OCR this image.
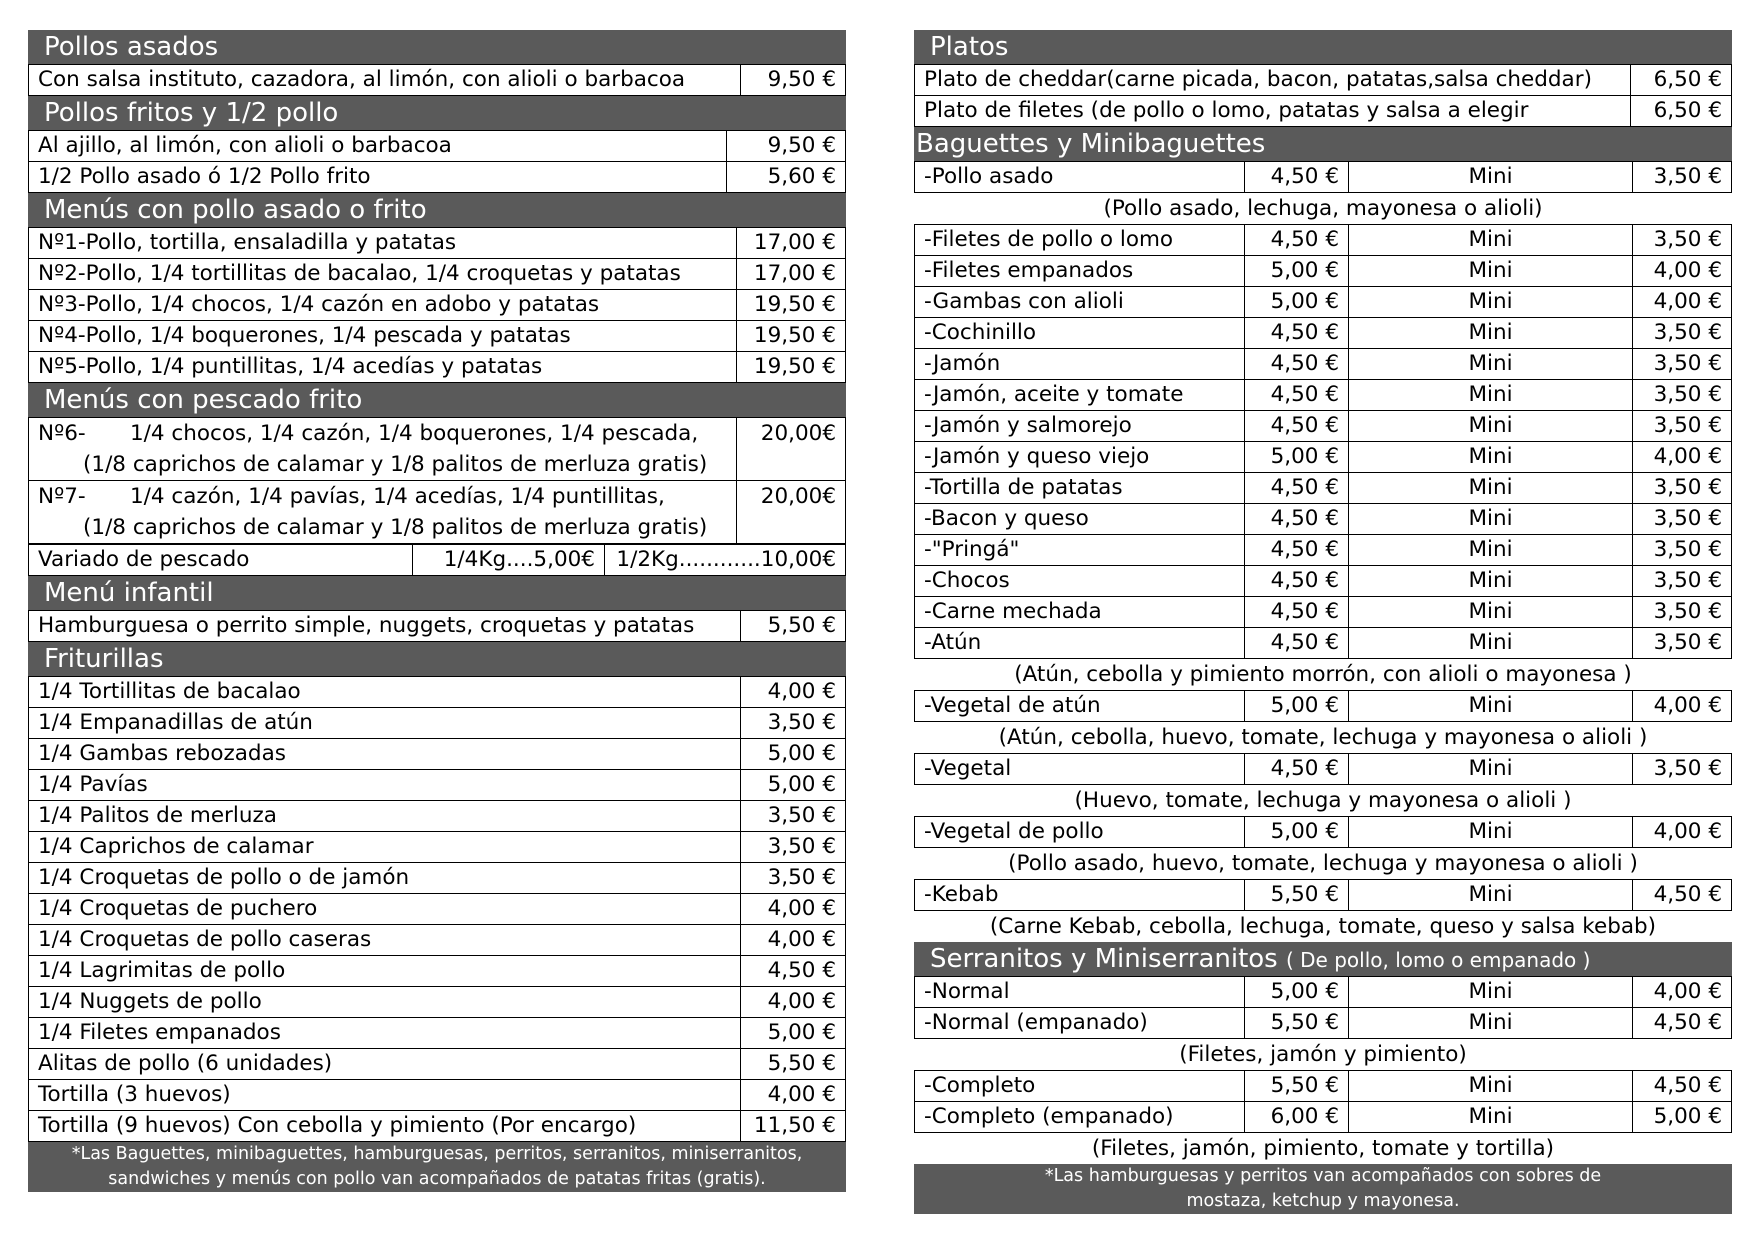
Pollos asados
Con salsa instituto, cazadora, al limón, con alioli o barbacoa	9,50 €
Pollos fritos y 1/2 pollo
Al ajillo, al limón, con alioli o barbacoa	9,50 €
1/2 Pollo asado ó 1/2 Pollo frito	5,60 €
Menús con pollo asado o frito
Nº1-Pollo, tortilla, ensaladilla y patatas	17,00 €
Nº2-Pollo, 1/4 tortillitas de bacalao, 1/4 croquetas y patatas	17,00 €
Nº3-Pollo, 1/4 chocos, 1/4 cazón en adobo y patatas	19,50 €
Nº4-Pollo, 1/4 boquerones, 1/4 pescada y patatas	19,50 €
Nº5-Pollo, 1/4 puntillitas, 1/4 acedías y patatas	19,50 €
Menús con pescado frito
Nº6- 1/4 chocos, 1/4 cazón, 1/4 boquerones, 1/4 pescada,
(1/8 caprichos de calamar y 1/8 palitos de merluza gratis)	20,00€
Nº7- 1/4 cazón, 1/4 pavías, 1/4 acedías, 1/4 puntillitas,
(1/8 caprichos de calamar y 1/8 palitos de merluza gratis)	20,00€
Variado de pescado	1/4Kg....5,00€	1/2Kg............10,00€
Menú infantil
Hamburguesa o perrito simple, nuggets, croquetas y patatas	5,50 €
Friturillas
1/4 Tortillitas de bacalao	4,00 €
1/4 Empanadillas de atún	3,50 €
1/4 Gambas rebozadas	5,00 €
1/4 Pavías	5,00 €
1/4 Palitos de merluza	3,50 €
1/4 Caprichos de calamar	3,50 €
1/4 Croquetas de pollo o de jamón	3,50 €
1/4 Croquetas de puchero	4,00 €
1/4 Croquetas de pollo caseras	4,00 €
1/4 Lagrimitas de pollo	4,50 €
1/4 Nuggets de pollo	4,00 €
1/4 Filetes empanados	5,00 €
Alitas de pollo (6 unidades)	5,50 €
Tortilla (3 huevos)	4,00 €
Tortilla (9 huevos) Con cebolla y pimiento (Por encargo)	11,50 €
*Las Baguettes, minibaguettes, hamburguesas, perritos, serranitos, miniserranitos,
sandwiches y menús con pollo van acompañados de patatas fritas (gratis).
Platos
Plato de cheddar(carne picada, bacon, patatas,salsa cheddar)	6,50 €
Plato de filetes (de pollo o lomo, patatas y salsa a elegir	6,50 €
Baguettes y Minibaguettes
-Pollo asado	4,50 €	Mini	3,50 €
(Pollo asado, lechuga, mayonesa o alioli)
-Filetes de pollo o lomo	4,50 €	Mini	3,50 €
-Filetes empanados	5,00 €	Mini	4,00 €
-Gambas con alioli	5,00 €	Mini	4,00 €
-Cochinillo	4,50 €	Mini	3,50 €
-Jamón	4,50 €	Mini	3,50 €
-Jamón, aceite y tomate	4,50 €	Mini	3,50 €
-Jamón y salmorejo	4,50 €	Mini	3,50 €
-Jamón y queso viejo	5,00 €	Mini	4,00 €
-Tortilla de patatas	4,50 €	Mini	3,50 €
-Bacon y queso	4,50 €	Mini	3,50 €
-"Pringá"	4,50 €	Mini	3,50 €
-Chocos	4,50 €	Mini	3,50 €
-Carne mechada	4,50 €	Mini	3,50 €
-Atún	4,50 €	Mini	3,50 €
(Atún, cebolla y pimiento morrón, con alioli o mayonesa )
-Vegetal de atún	5,00 €	Mini	4,00 €
(Atún, cebolla, huevo, tomate, lechuga y mayonesa o alioli )
-Vegetal	4,50 €	Mini	3,50 €
(Huevo, tomate, lechuga y mayonesa o alioli )
-Vegetal de pollo	5,00 €	Mini	4,00 €
(Pollo asado, huevo, tomate, lechuga y mayonesa o alioli )
-Kebab	5,50 €	Mini	4,50 €
(Carne Kebab, cebolla, lechuga, tomate, queso y salsa kebab)
Serranitos y Miniserranitos ( De pollo, lomo o empanado )
-Normal	5,00 €	Mini	4,00 €
-Normal (empanado)	5,50 €	Mini	4,50 €
(Filetes, jamón y pimiento)
-Completo	5,50 €	Mini	4,50 €
-Completo (empanado)	6,00 €	Mini	5,00 €
(Filetes, jamón, pimiento, tomate y tortilla)
*Las hamburguesas y perritos van acompañados con sobres de
mostaza, ketchup y mayonesa.
